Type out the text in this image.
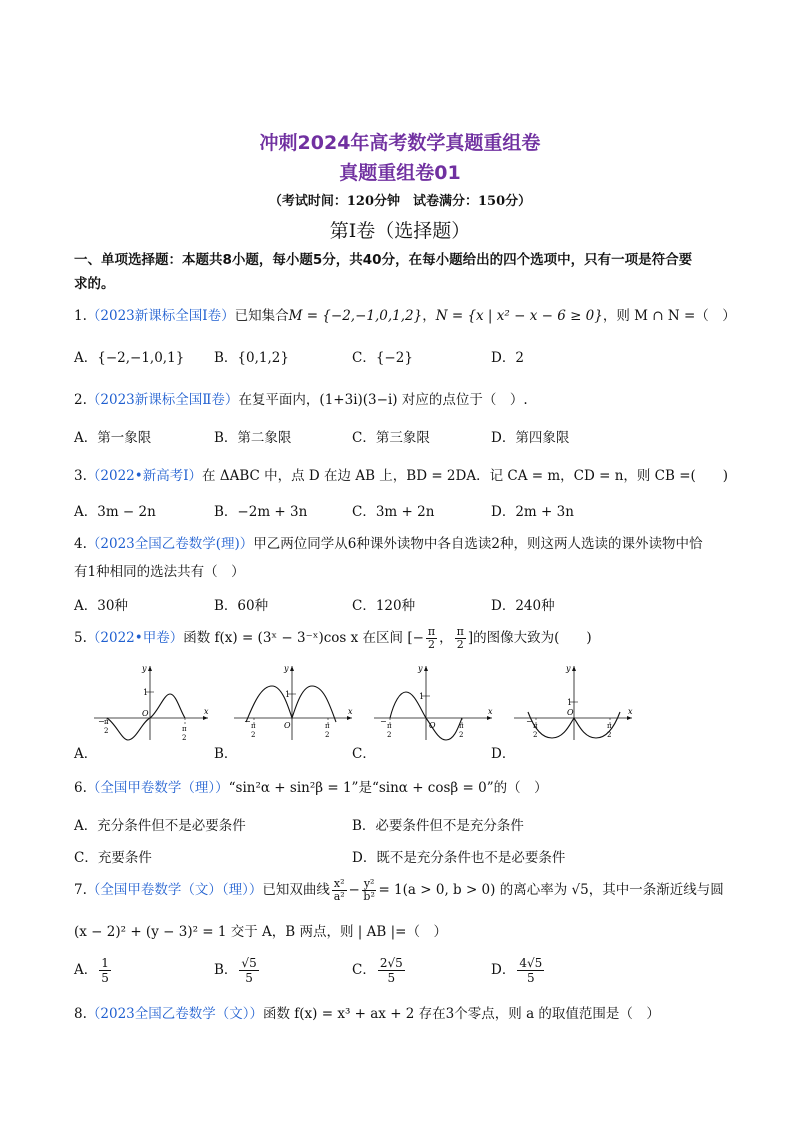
冲刺2024年高考数学真题重组卷
真题重组卷01
（考试时间：120分钟　试卷满分：150分）
第I卷（选择题）
一、单项选择题：本题共8小题，每小题5分，共40分，在每小题给出的四个选项中，只有一项是符合要
求的。
1.（2023新课标全国Ⅰ卷）已知集合M = {−2,−1,0,1,2}，N = {x | x² − x − 6 ≥ 0}，则 M ∩ N =（　）
A．{−2,−1,0,1} B．{0,1,2}	C．{−2}	D．2
2.（2023新课标全国Ⅱ卷）在复平面内，(1+3i)(3−i) 对应的点位于（　）.
A．第一象限	B．第二象限	C．第三象限	D．第四象限
3.（2022•新高考Ⅰ）在 ΔABC 中，点 D 在边 AB 上，BD = 2DA．记 CA = m，CD = n，则 CB =(　　)
A．3m − 2n	B．−2m + 3n	C．3m + 2n	D．2m + 3n
4.（2023全国乙卷数学(理)）甲乙两位同学从6种课外读物中各自选读2种，则这两人选读的课外读物中恰
有1种相同的选法共有（　）
A．30种	B．60种	C．120种	D．240种
5.（2022•甲卷）函数 f(x) = (3ˣ − 3⁻ˣ)cos x 在区间 [− $\frac{\pi}{2}$ ， $\frac{\pi}{2}$ ]的图像大致为(　　)
A．	B．	C．	D．
x
y
O
1
− π
2	π
2
x
y
O
1
− π
2
π
2
x
y
O
1
− π
2
π
2
x
y
O
1
− π
2
π
2
6.（全国甲卷数学（理））“sin²α + sin²β = 1”是“sinα + cosβ = 0”的（　）
A．充分条件但不是必要条件	B．必要条件但不是充分条件
C．充要条件	D．既不是充分条件也不是必要条件
7.（全国甲卷数学（文）（理））已知双曲线 $\frac{\text{x²}}{\text{a²}} - \frac{\text{y²}}{\text{b²}} = 1(a > 0$, b > 0) 的离心率为 √5，其中一条渐近线与圆
(x − 2)² + (y − 3)² = 1 交于 A，B 两点，则 | AB |=（　）
A． $\frac{1}{5}$	B． $\frac{√5}{5}$	C． $\frac{2√5}{5}$	D． $\frac{4√5}{5}$
8.（2023全国乙卷数学（文））函数 f(x) = x³ + ax + 2 存在3个零点，则 a 的取值范围是（　）
